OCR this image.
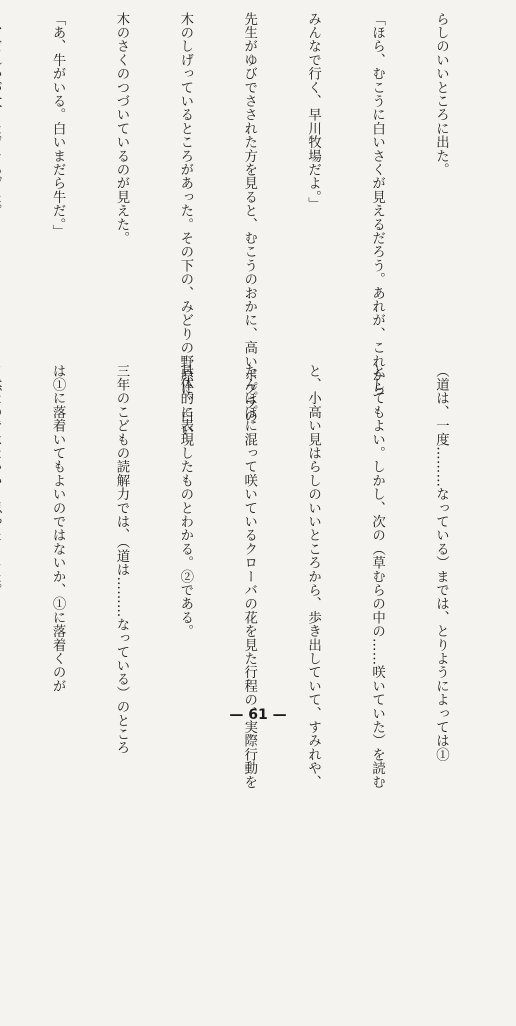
らしのいいところに出た。

「ほら、むこうに白いさくが見えるだろう。あれが、これから

みんなで行く、早川牧場だよ。」

先生がゆびでさされた方を見ると、むこうのおかに、高いポプラの

木のしげっているところがあった。その下の、みどりの野原に、白い

木のさくのつづいているのが見えた。

「あ、牛がいる。白いまだら牛だ。」

（道は、一度………なっている）までは、とりようによっては①

としてもよい。しかし、次の（草むらの中の……咲いていた）を読む

と、小高い見はらしのいいところから、歩き出していて、すみれや、

たんぽぽに混って咲いているクローバの花を見た行程の、実際行動を

具体的に表現したものとわかる。②である。

三年のこどもの読解力では、（道は………なっている）のところ

は①に落着いてもよいのではないか、①に落着くのが

— 61 —
